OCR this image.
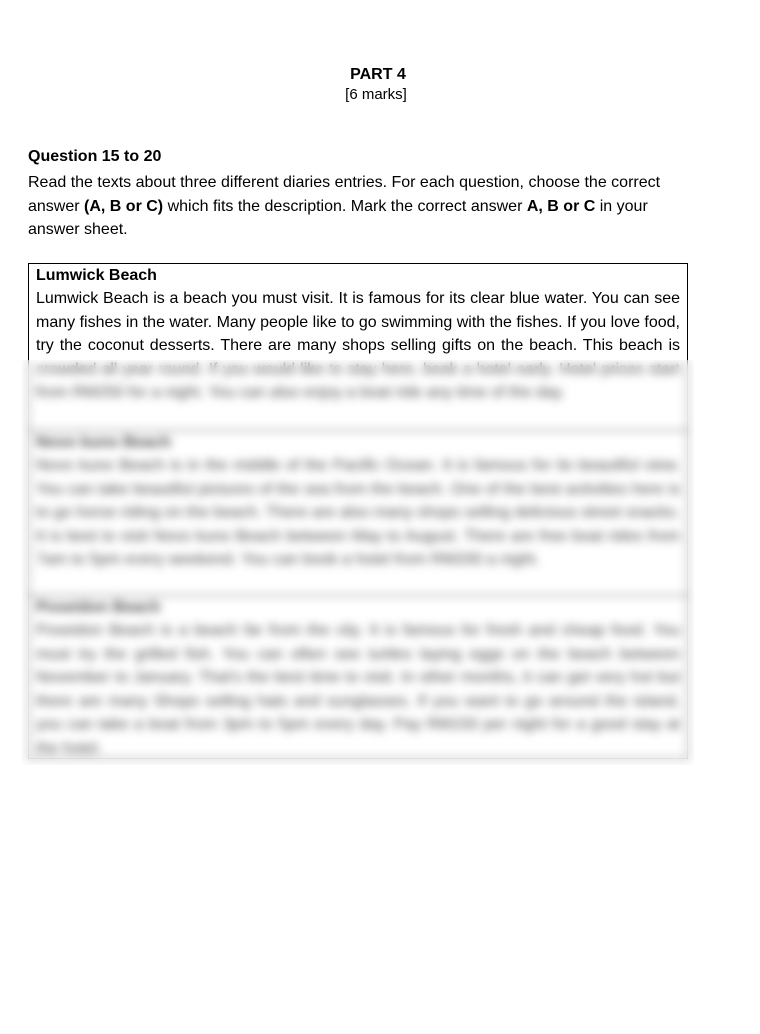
PART 4
[6 marks]
Question 15 to 20

Read the texts about three different diaries entries. For each question, choose the correct answer (A, B or C) which fits the description. Mark the correct answer A, B or C in your answer sheet.

Lumwick Beach

Lumwick Beach is a beach you must visit. It is famous for its clear blue water. You can see many fishes in the water. Many people like to go swimming with the fishes. If you love food, try the coconut desserts. There are many shops selling gifts on the beach. This beach is crowded all year round. If you would like to stay here, book a hotel early. Hotel prices start from RM250 for a night. You can also enjoy a boat ride any time of the day.

Novo kuno Beach

Novo kuno Beach is in the middle of the Pacific Ocean. It is famous for its beautiful view. You can take beautiful pictures of the sea from the beach. One of the best activities here is to go horse riding on the beach. There are also many shops selling delicious street snacks. It is best to visit Novo kuno Beach between May to August. There are free boat rides from 7am to 5pm every weekend. You can book a hotel from RM200 a night.

Poseidon Beach

Poseidon Beach is a beach far from the city. It is famous for fresh and cheap food. You must try the grilled fish. You can often see turtles laying eggs on the beach between November to January. That's the best time to visit. In other months, it can get very hot but there are many Shops selling hats and sunglasses. If you want to go around the island, you can take a boat from 3pm to 5pm every day. Pay RM150 per night for a good stay at the hotel.
